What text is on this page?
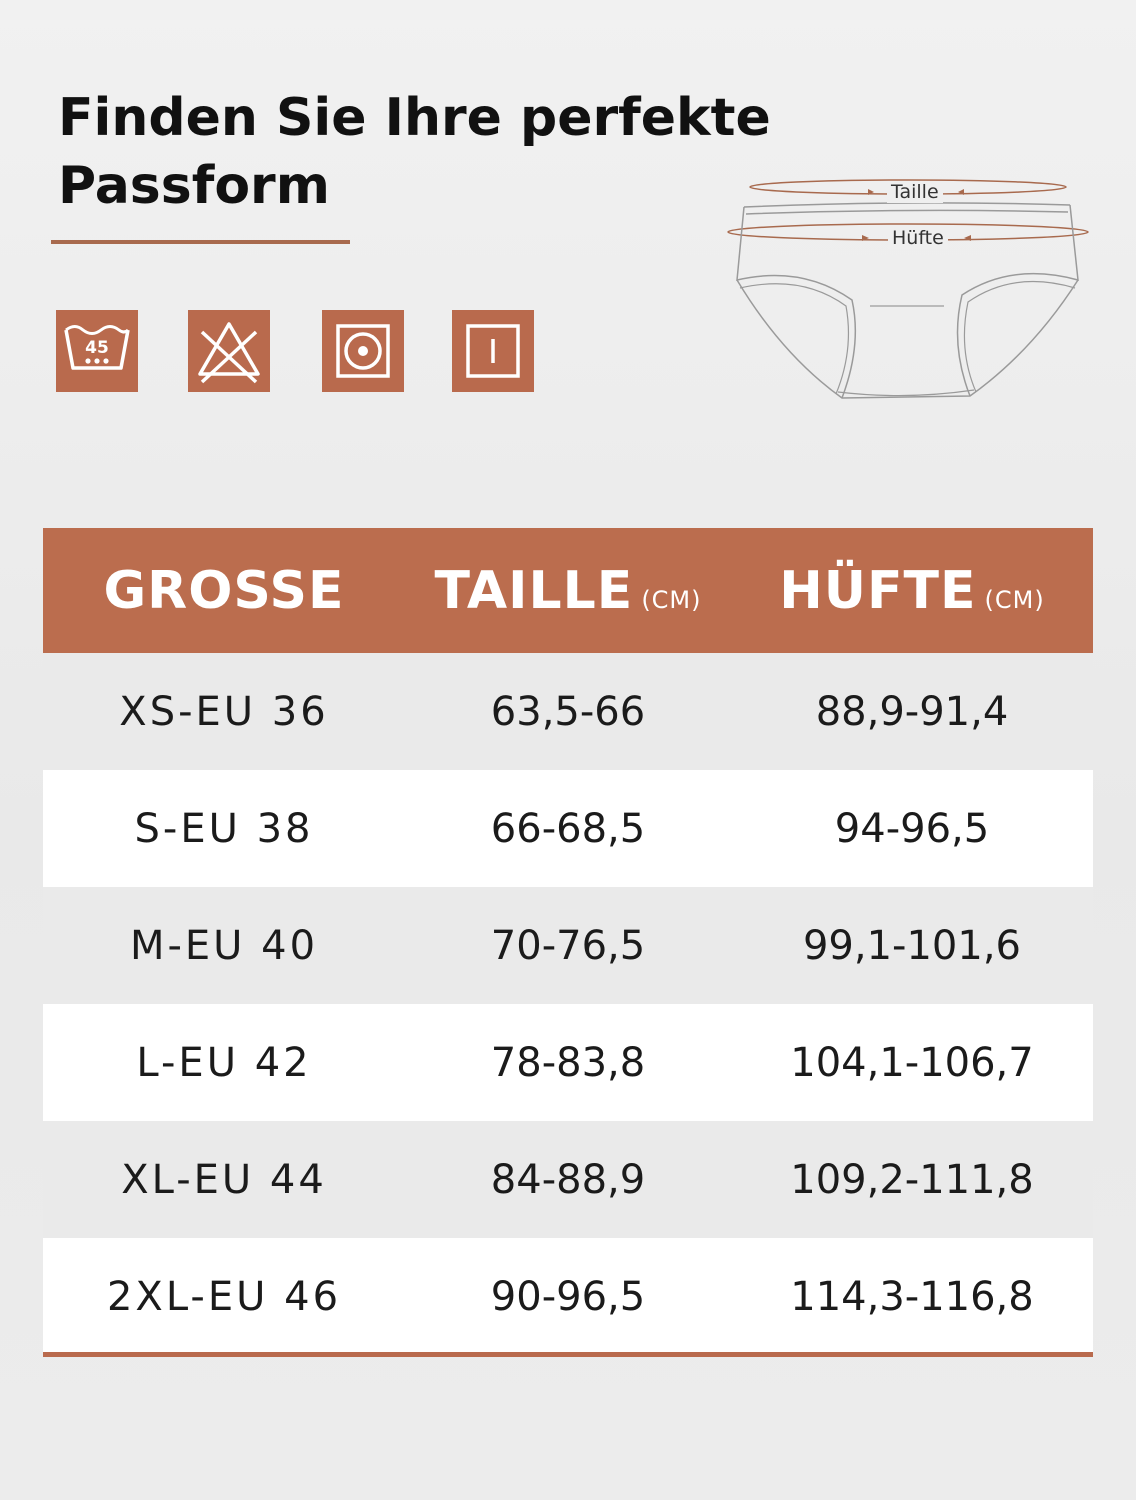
Finden Sie Ihre perfekte
Passform
45
Taille
Hüfte
GROSSE	TAILLE (CM)	HÜFTE (CM)
XS-EU 36	63,5-66	88,9-91,4
S-EU 38	66-68,5	94-96,5
M-EU 40	70-76,5	99,1-101,6
L-EU 42	78-83,8	104,1-106,7
XL-EU 44	84-88,9	109,2-111,8
2XL-EU 46	90-96,5	114,3-116,8
